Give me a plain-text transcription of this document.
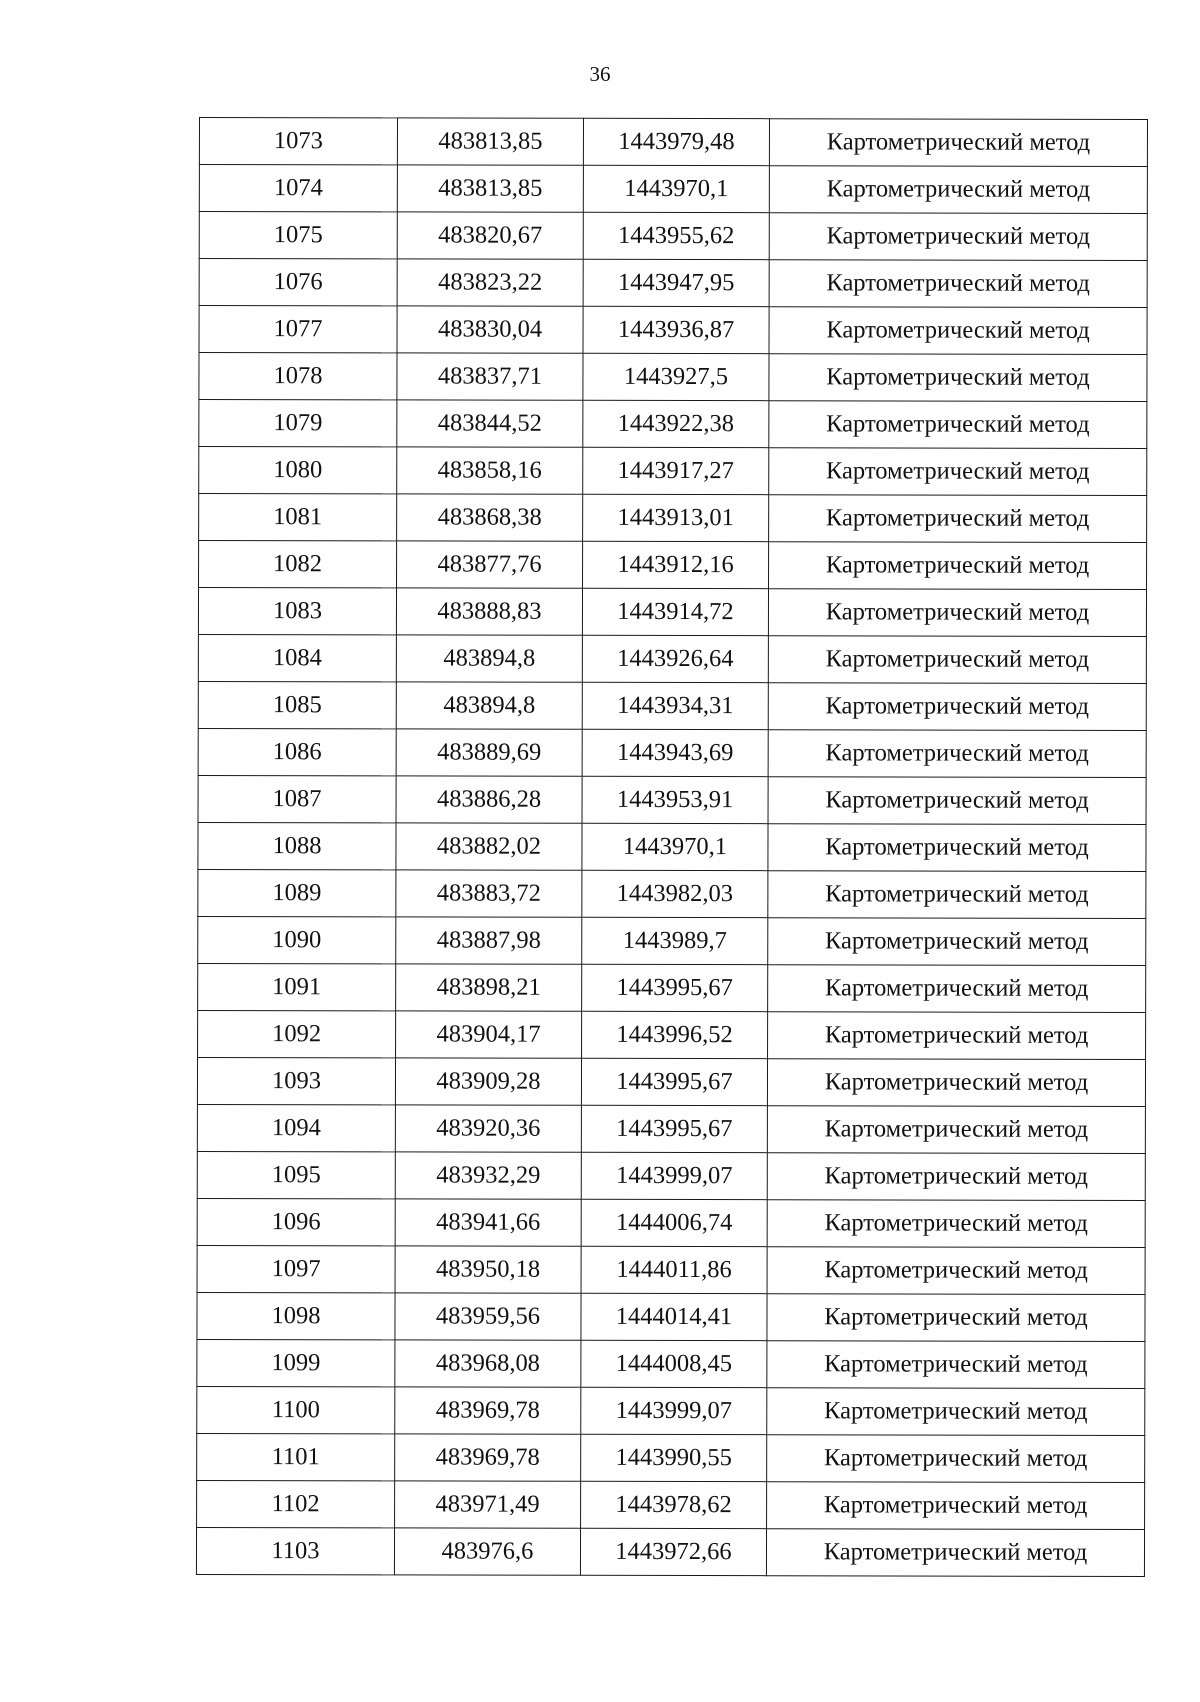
36
1073	483813,85	1443979,48	Картометрический метод
1074	483813,85	1443970,1	Картометрический метод
1075	483820,67	1443955,62	Картометрический метод
1076	483823,22	1443947,95	Картометрический метод
1077	483830,04	1443936,87	Картометрический метод
1078	483837,71	1443927,5	Картометрический метод
1079	483844,52	1443922,38	Картометрический метод
1080	483858,16	1443917,27	Картометрический метод
1081	483868,38	1443913,01	Картометрический метод
1082	483877,76	1443912,16	Картометрический метод
1083	483888,83	1443914,72	Картометрический метод
1084	483894,8	1443926,64	Картометрический метод
1085	483894,8	1443934,31	Картометрический метод
1086	483889,69	1443943,69	Картометрический метод
1087	483886,28	1443953,91	Картометрический метод
1088	483882,02	1443970,1	Картометрический метод
1089	483883,72	1443982,03	Картометрический метод
1090	483887,98	1443989,7	Картометрический метод
1091	483898,21	1443995,67	Картометрический метод
1092	483904,17	1443996,52	Картометрический метод
1093	483909,28	1443995,67	Картометрический метод
1094	483920,36	1443995,67	Картометрический метод
1095	483932,29	1443999,07	Картометрический метод
1096	483941,66	1444006,74	Картометрический метод
1097	483950,18	1444011,86	Картометрический метод
1098	483959,56	1444014,41	Картометрический метод
1099	483968,08	1444008,45	Картометрический метод
1100	483969,78	1443999,07	Картометрический метод
1101	483969,78	1443990,55	Картометрический метод
1102	483971,49	1443978,62	Картометрический метод
1103	483976,6	1443972,66	Картометрический метод
